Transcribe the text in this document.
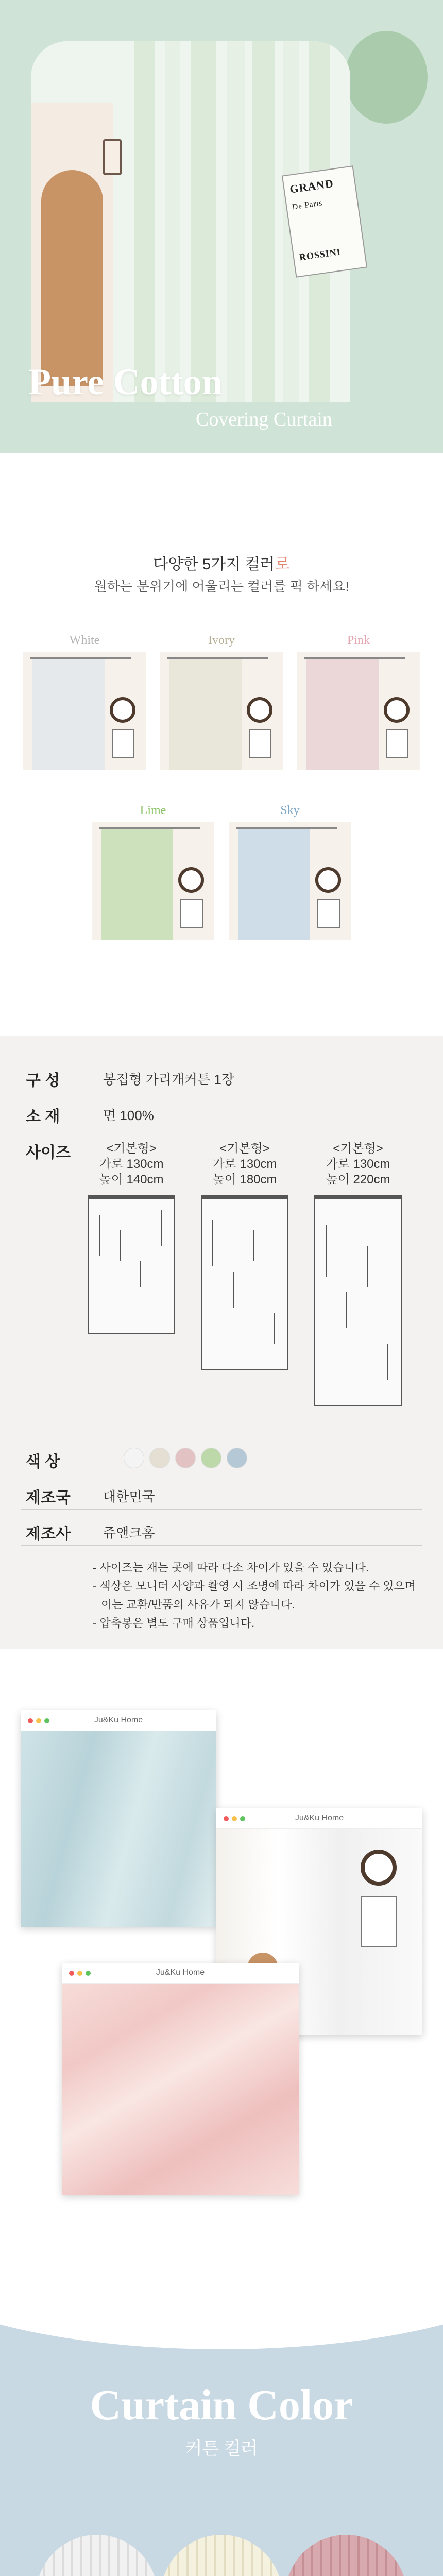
GRAND
De Paris
ROSSINI
Pure Cotton
Covering Curtain
다양한 5가지 컬러로
원하는 분위기에 어울리는 컬러를 픽 하세요!
White	Ivory	Pink
Lime	Sky
구 성	봉집형 가리개커튼 1장
소 재	면 100%
사이즈	<기본형>
가로 130cm
높이 140cm
<기본형>
가로 130cm
높이 180cm
<기본형>
가로 130cm
높이 220cm
색 상
제조국 대한민국
제조사 쥬앤크홈
- 사이즈는 재는 곳에 따라 다소 차이가 있을 수 있습니다.
- 색상은 모니터 사양과 촬영 시 조명에 따라 차이가 있을 수 있으며
이는 교환/반품의 사유가 되지 않습니다.
- 압축봉은 별도 구매 상품입니다.
Ju&Ku Home
Ju&Ku Home
Ju&Ku Home
Curtain Color
커튼 컬러
